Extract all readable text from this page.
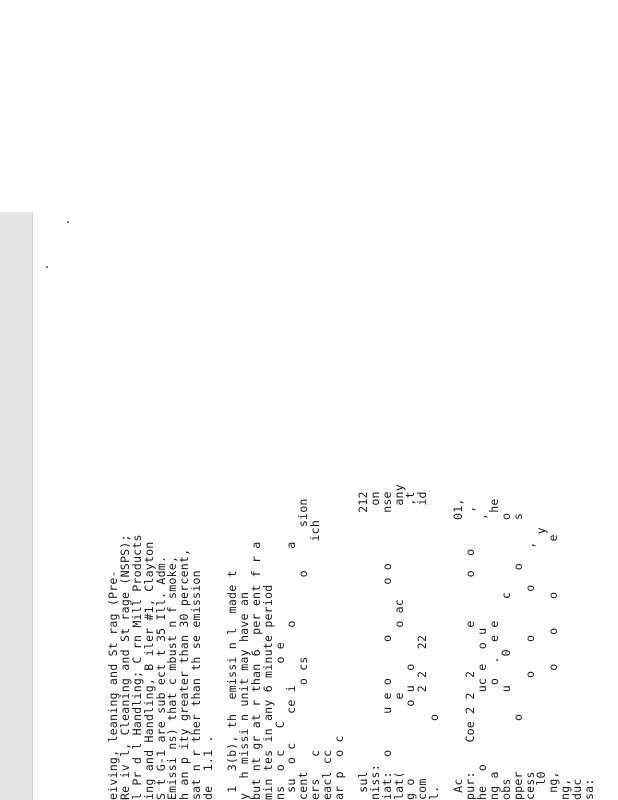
eiving, leaning and St rag (Pre-
Re iv l, Cleaning and St rage (NSPS);
l Pr d l Handling; C rn Mill Products
ing and Handling, B iler #1, Clayton
S t G-1 are sub ect t 35 Ill. Adm.
Emissi ns) that c mbust n f smoke,
h an p ity greater than 30 percent,
sat n r ther than th se emission
de  1.1 . 1  3(b), th  emissi n l  made t
y  h missi n unit may have an
but nt gr at r than 6  per ent f r a
min tes in any 6 minute period
ns  o c   C        o e
su  o c    ce i        o          a
cent            o cs           o      sion
ers   c                             ich
eacl cc
ar p  o c sul                                    212
niss:                                    on
iat:  o     u e o     o       o o       nse
lat(          e         o ac             any
g o          o u  o                      ,t
com            2 2   22                  id
l.         o Ac                                    01,
pur:    Coe 2 2  2      e      o  o     ,
he  o          uc e  o u               ,
ng a            o  .  e e               he
obs            u    0       c          o
pper       o                    o      s
cess             o    o      o     ,
l0                                 y
ng,              o    o    o       e
ng,
duc
sa:
